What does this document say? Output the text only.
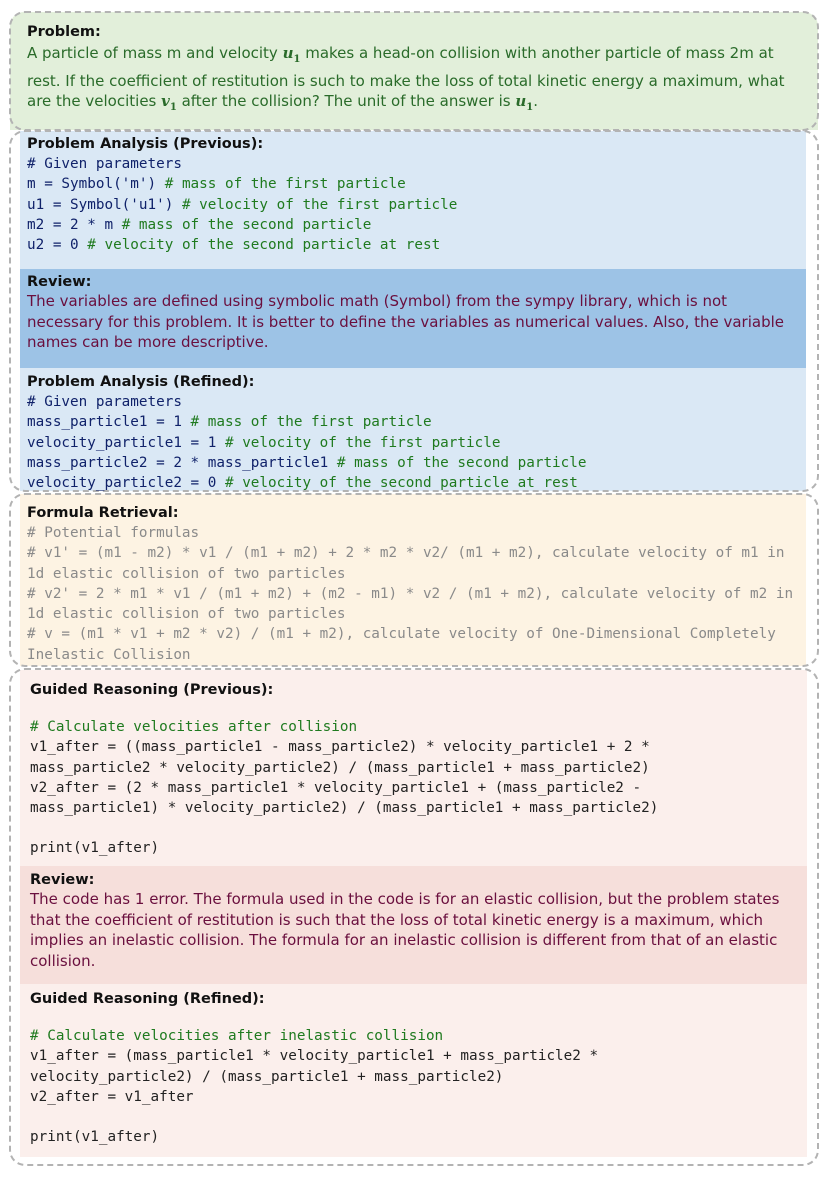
Problem:
A particle of mass m and velocity $u_1$ makes a head-on collision with another particle of mass 2m at rest. If the coefficient of restitution is such to make the loss of total kinetic energy a maximum, what are the velocities $v_1$ after the collision? The unit of the answer is $u_1$.
Problem Analysis (Previous):
# Given parameters
m = Symbol('m') # mass of the first particle
u1 = Symbol('u1') # velocity of the first particle
m2 = 2 * m # mass of the second particle
u2 = 0 # velocity of the second particle at rest
Review:
The variables are defined using symbolic math (Symbol) from the sympy library, which is not necessary for this problem. It is better to define the variables as numerical values. Also, the variable names can be more descriptive.
Problem Analysis (Refined):
# Given parameters
mass_particle1 = 1 # mass of the first particle
velocity_particle1 = 1 # velocity of the first particle
mass_particle2 = 2 * mass_particle1 # mass of the second particle
velocity_particle2 = 0 # velocity of the second particle at rest
Formula Retrieval:
# Potential formulas
# v1' = (m1 - m2) * v1 / (m1 + m2) + 2 * m2 * v2/ (m1 + m2), calculate velocity of m1 in 1d elastic collision of two particles
# v2' = 2 * m1 * v1 / (m1 + m2) + (m2 - m1) * v2 / (m1 + m2), calculate velocity of m2 in 1d elastic collision of two particles
# v = (m1 * v1 + m2 * v2) / (m1 + m2), calculate velocity of One-Dimensional Completely Inelastic Collision
Guided Reasoning (Previous):
# Calculate velocities after collision
v1_after = ((mass_particle1 - mass_particle2) * velocity_particle1 + 2 *
mass_particle2 * velocity_particle2) / (mass_particle1 + mass_particle2)
v2_after = (2 * mass_particle1 * velocity_particle1 + (mass_particle2 -
mass_particle1) * velocity_particle2) / (mass_particle1 + mass_particle2)
print(v1_after)
Review:
The code has 1 error. The formula used in the code is for an elastic collision, but the problem states that the coefficient of restitution is such that the loss of total kinetic energy is a maximum, which implies an inelastic collision. The formula for an inelastic collision is different from that of an elastic collision.
Guided Reasoning (Refined):
# Calculate velocities after inelastic collision
v1_after = (mass_particle1 * velocity_particle1 + mass_particle2 *
velocity_particle2) / (mass_particle1 + mass_particle2)
v2_after = v1_after
print(v1_after)
